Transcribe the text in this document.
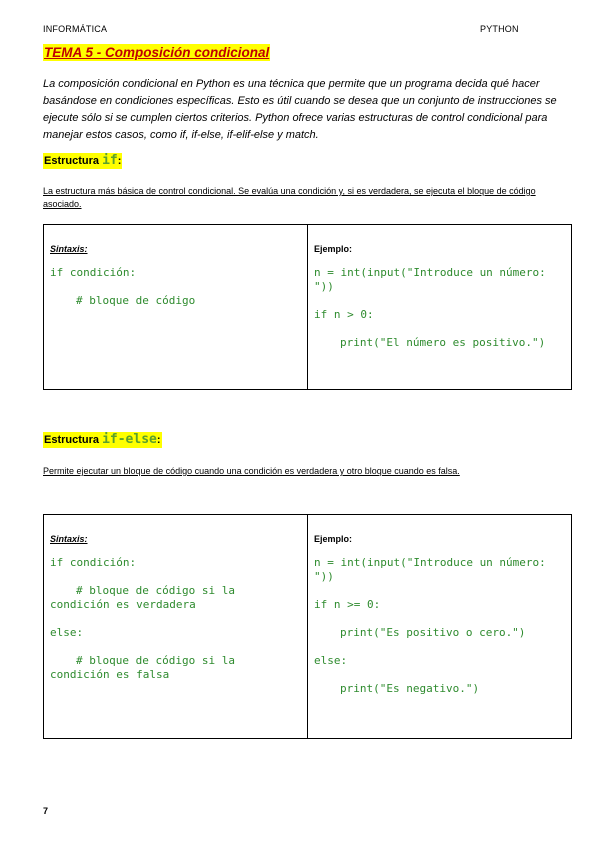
INFORMÁTICA	PYTHON
TEMA 5 - Composición condicional
La composición condicional en Python es una técnica que permite que un programa decida qué hacer basándose en condiciones específicas. Esto es útil cuando se desea que un conjunto de instrucciones se ejecute sólo si se cumplen ciertos criterios. Python ofrece varias estructuras de control condicional para manejar estos casos, como if, if-else, if-elif-else y match.
Estructura if:
La estructura más básica de control condicional. Se evalúa una condición y, si es verdadera, se ejecuta el bloque de código asociado.
Sintaxis:
if condición:
# bloque de código
Ejemplo:
n = int(input("Introduce un número: "))
if n > 0:
print("El número es positivo.")
Estructura if-else:
Permite ejecutar un bloque de código cuando una condición es verdadera y otro bloque cuando es falsa.
Sintaxis:
if condición:
# bloque de código si la condición es verdadera
else:
# bloque de código si la condición es falsa
Ejemplo:
n = int(input("Introduce un número: "))
if n >= 0:
print("Es positivo o cero.")
else:
print("Es negativo.")
7
